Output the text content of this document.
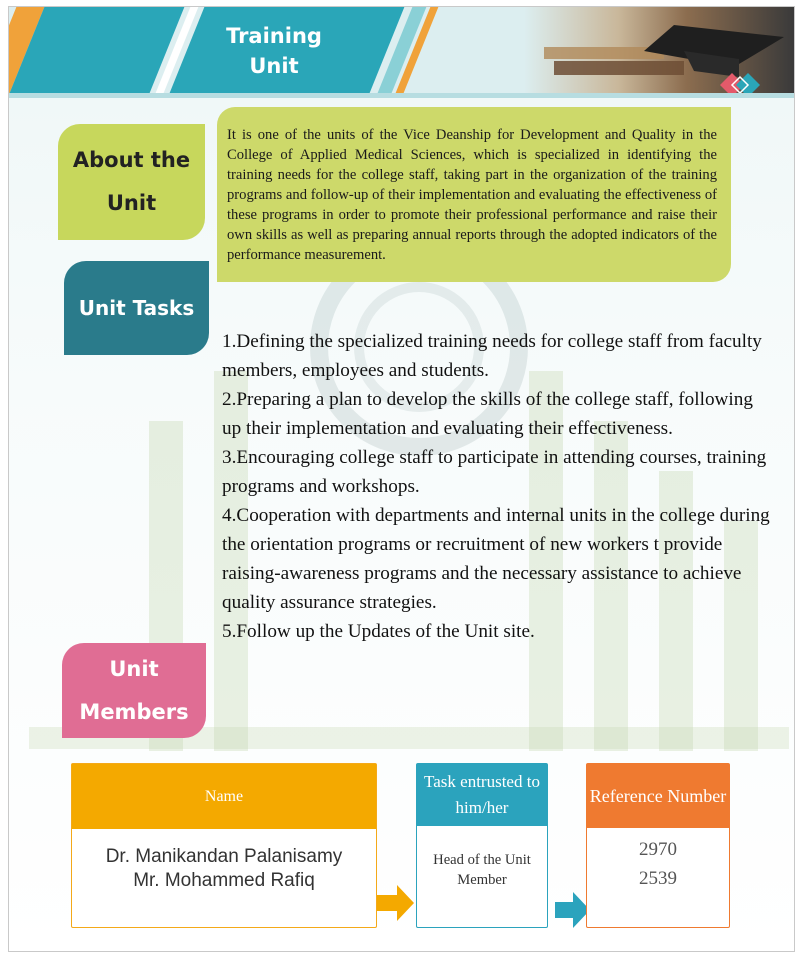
Training
Unit
About the
Unit
It is one of the units of the Vice Deanship for Development and Quality in the College of Applied Medical Sciences, which is specialized in identifying the training needs for the college staff, taking part in the organization of the training programs and follow-up of their implementation and evaluating the effectiveness of these programs in order to promote their professional performance and raise their own skills as well as preparing annual reports through the adopted indicators of the performance measurement.
Unit Tasks

1.Defining the specialized training needs for college staff from faculty members, employees and students.

2.Preparing a plan to develop the skills of the college staff, following up their implementation and evaluating their effectiveness.

3.Encouraging college staff to participate in attending courses, training programs and workshops.

4.Cooperation with departments and internal units in the college during the orientation programs or recruitment of new workers t provide raising-awareness programs and the necessary assistance to achieve quality assurance strategies.

5.Follow up the Updates of the Unit site.

Unit
Members
Name
Dr. Manikandan Palanisamy
Mr. Mohammed Rafiq
Task entrusted to him/her
Head of the Unit
Member
Reference Number
2970
2539
